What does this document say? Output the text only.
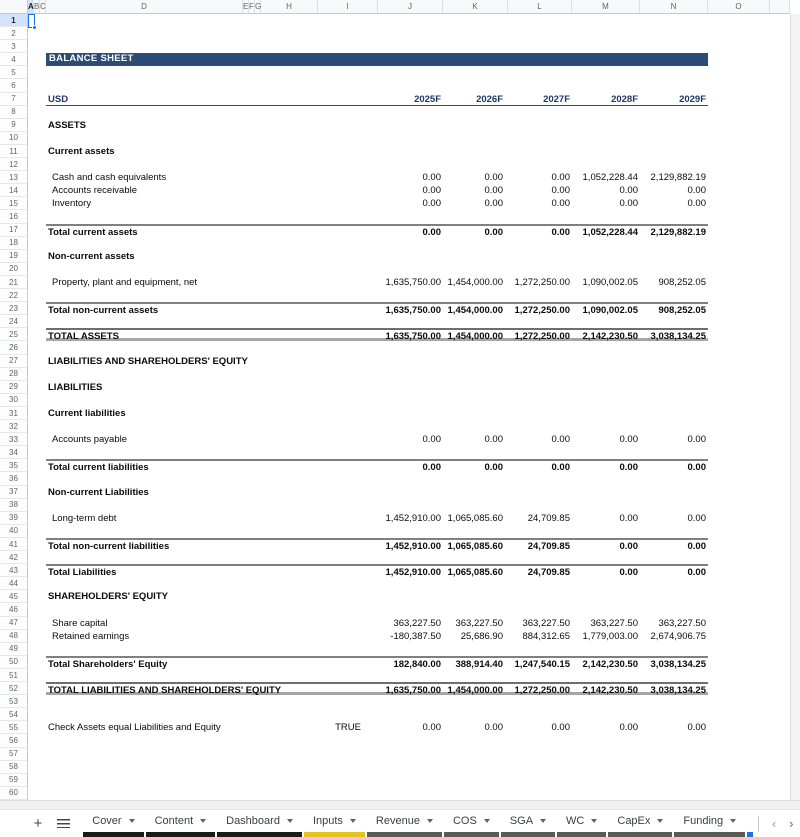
A B C	D	E F G	H	I	J	K	L	M	N	O
1
2
3
4
5
6
7
8
9
10
11
12
13
14
15
16
17
18
19
20
21
22
23
24
25
26
27
28
29
30
31
32
33
34
35
36
37
38
39
40
41
42
43
44
45
46
47
48
49
50
51
52
53
54
55
56
57
58
59
60
BALANCE SHEET
USD	2025F	2026F	2027F	2028F	2029F
ASSETS
Current assets
Cash and cash equivalents	0.00	0.00	0.00	1,052,228.44	2,129,882.19
Accounts receivable	0.00	0.00	0.00	0.00	0.00
Inventory	0.00	0.00	0.00	0.00	0.00
Total current assets	0.00	0.00	0.00	1,052,228.44	2,129,882.19
Non-current assets
Property, plant and equipment, net	1,635,750.00 1,454,000.00	1,272,250.00	1,090,002.05	908,252.05
Total non-current assets	1,635,750.00 1,454,000.00	1,272,250.00	1,090,002.05	908,252.05
TOTAL ASSETS	1,635,750.00 1,454,000.00	1,272,250.00	2,142,230.50	3,038,134.25
LIABILITIES AND SHAREHOLDERS' EQUITY
LIABILITIES
Current liabilities
Accounts payable	0.00	0.00	0.00	0.00	0.00
Total current liabilities	0.00	0.00	0.00	0.00	0.00
Non-current Liabilities
Long-term debt	1,452,910.00 1,065,085.60	24,709.85	0.00	0.00
Total non-current liabilities	1,452,910.00 1,065,085.60	24,709.85	0.00	0.00
Total Liabilities	1,452,910.00 1,065,085.60	24,709.85	0.00	0.00
SHAREHOLDERS' EQUITY
Share capital	363,227.50	363,227.50	363,227.50	363,227.50	363,227.50
Retained earnings	-180,387.50	25,686.90	884,312.65	1,779,003.00	2,674,906.75
Total Shareholders' Equity	182,840.00	388,914.40	1,247,540.15	2,142,230.50	3,038,134.25
TOTAL LIABILITIES AND SHAREHOLDERS' EQUITY	1,635,750.00 1,454,000.00	1,272,250.00	2,142,230.50	3,038,134.25
Check Assets equal Liabilities and Equity	TRUE	0.00	0.00	0.00	0.00	0.00
+	Cover	Content	Dashboard	Inputs	Revenue	COS	SGA	WC	CapEx	Funding	‹ ›
